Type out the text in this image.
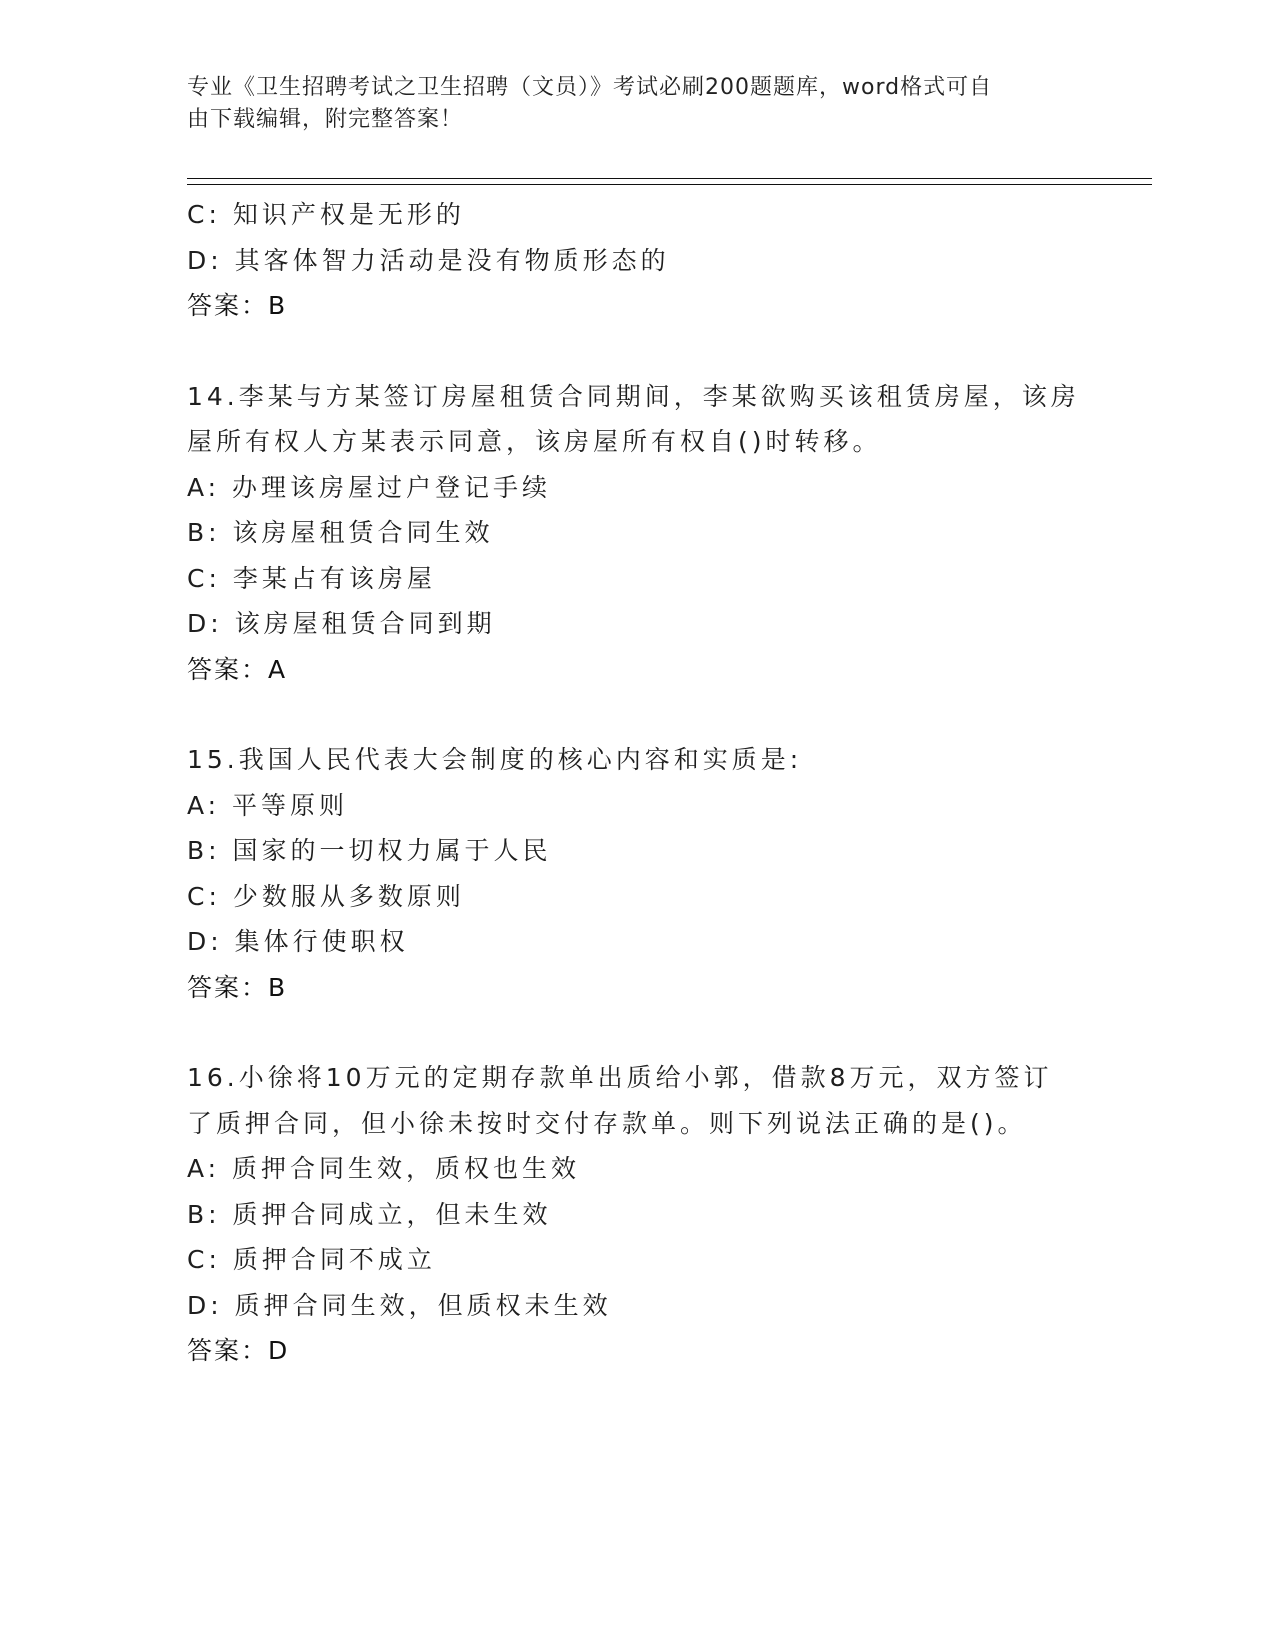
专业《卫生招聘考试之卫生招聘（文员）》考试必刷200题题库，word格式可自
由下载编辑，附完整答案！
C: 知识产权是无形的
D: 其客体智力活动是没有物质形态的
答案：B
14.李某与方某签订房屋租赁合同期间，李某欲购买该租赁房屋，该房
屋所有权人方某表示同意，该房屋所有权自()时转移。
A: 办理该房屋过户登记手续
B: 该房屋租赁合同生效
C: 李某占有该房屋
D: 该房屋租赁合同到期
答案：A
15.我国人民代表大会制度的核心内容和实质是:
A: 平等原则
B: 国家的一切权力属于人民
C: 少数服从多数原则
D: 集体行使职权
答案：B
16.小徐将10万元的定期存款单出质给小郭，借款8万元，双方签订
了质押合同，但小徐未按时交付存款单。则下列说法正确的是()。
A: 质押合同生效，质权也生效
B: 质押合同成立，但未生效
C: 质押合同不成立
D: 质押合同生效，但质权未生效
答案：D
